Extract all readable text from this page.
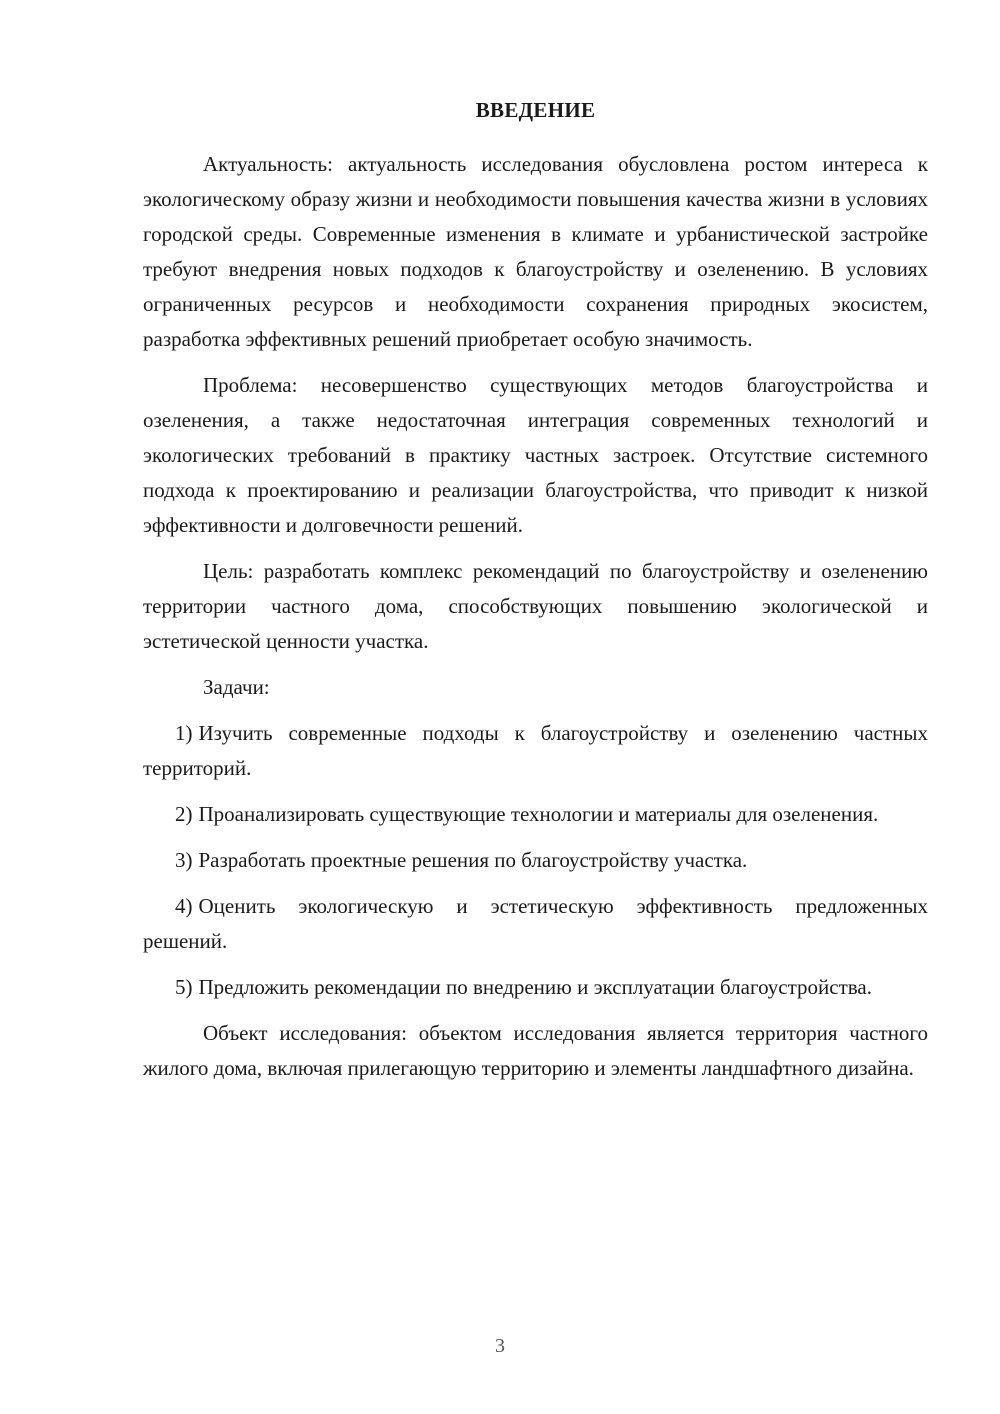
ВВЕДЕНИЕ

Актуальность: актуальность исследования обусловлена ростом интереса к экологическому образу жизни и необходимости повышения качества жизни в условиях городской среды. Современные изменения в климате и урбанистической застройке требуют внедрения новых подходов к благоустройству и озеленению. В условиях ограниченных ресурсов и необходимости сохранения природных экосистем, разработка эффективных решений приобретает особую значимость.

Проблема: несовершенство существующих методов благоустройства и озеленения, а также недостаточная интеграция современных технологий и экологических требований в практику частных застроек. Отсутствие системного подхода к проектированию и реализации благоустройства, что приводит к низкой эффективности и долговечности решений.

Цель: разработать комплекс рекомендаций по благоустройству и озеленению территории частного дома, способствующих повышению экологической и эстетической ценности участка.

Задачи:

1) Изучить современные подходы к благоустройству и озеленению частных территорий.

2) Проанализировать существующие технологии и материалы для озеленения.

3) Разработать проектные решения по благоустройству участка.

4) Оценить экологическую и эстетическую эффективность предложенных решений.

5) Предложить рекомендации по внедрению и эксплуатации благоустройства.

Объект исследования: объектом исследования является территория частного жилого дома, включая прилегающую территорию и элементы ландшафтного дизайна.

3
